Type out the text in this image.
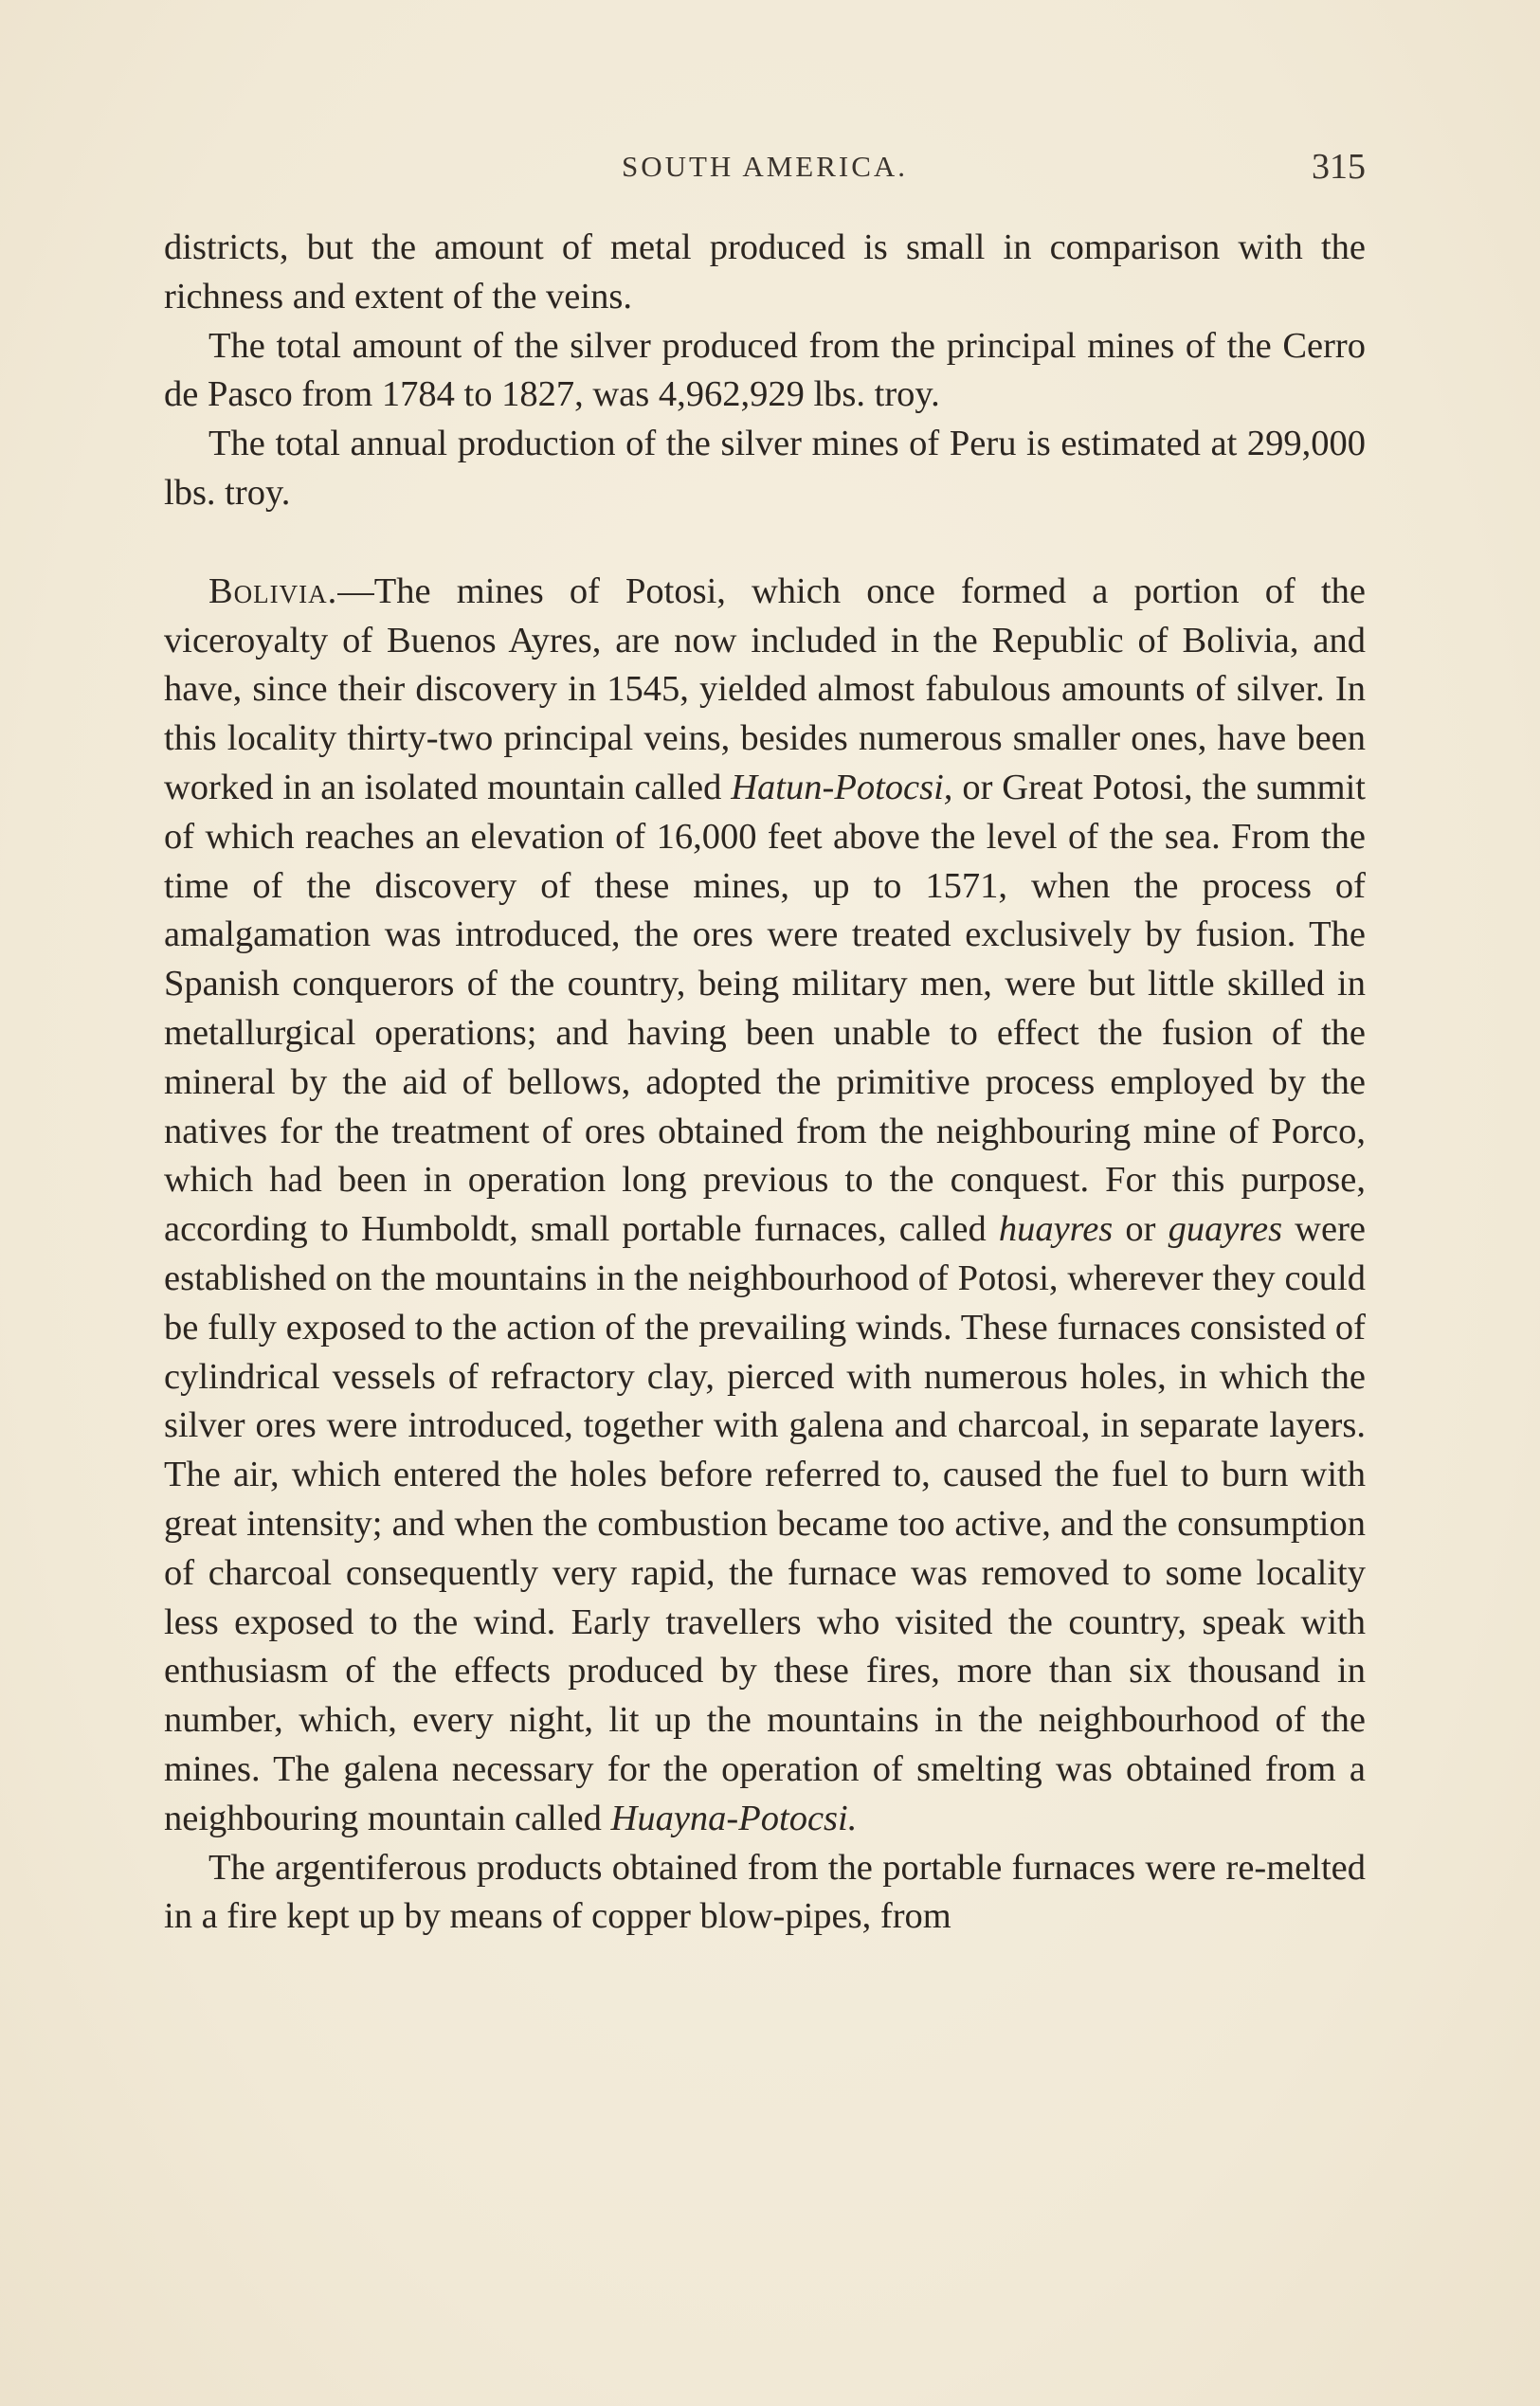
SOUTH AMERICA.	315

districts, but the amount of metal produced is small in comparison with the richness and extent of the veins.

The total amount of the silver produced from the principal mines of the Cerro de Pasco from 1784 to 1827, was 4,962,929 lbs. troy.

The total annual production of the silver mines of Peru is estimated at 299,000 lbs. troy.

Bolivia.—The mines of Potosi, which once formed a portion of the viceroyalty of Buenos Ayres, are now included in the Republic of Bolivia, and have, since their discovery in 1545, yielded almost fabulous amounts of silver. In this locality thirty-two principal veins, besides numerous smaller ones, have been worked in an isolated mountain called Hatun-Potocsi, or Great Potosi, the summit of which reaches an elevation of 16,000 feet above the level of the sea. From the time of the discovery of these mines, up to 1571, when the process of amalgamation was introduced, the ores were treated exclusively by fusion. The Spanish conquerors of the country, being military men, were but little skilled in metallurgical operations; and having been unable to effect the fusion of the mineral by the aid of bellows, adopted the primitive process employed by the natives for the treatment of ores obtained from the neighbouring mine of Porco, which had been in operation long previous to the conquest. For this purpose, according to Humboldt, small portable furnaces, called huayres or guayres were established on the mountains in the neighbourhood of Potosi, wherever they could be fully exposed to the action of the prevailing winds. These furnaces consisted of cylindrical vessels of refractory clay, pierced with numerous holes, in which the silver ores were introduced, together with galena and charcoal, in separate layers. The air, which entered the holes before referred to, caused the fuel to burn with great intensity; and when the combustion became too active, and the consumption of charcoal consequently very rapid, the furnace was removed to some locality less exposed to the wind. Early travellers who visited the country, speak with enthusiasm of the effects produced by these fires, more than six thousand in number, which, every night, lit up the mountains in the neighbourhood of the mines. The galena necessary for the operation of smelting was obtained from a neighbouring mountain called Huayna-Potocsi.

The argentiferous products obtained from the portable furnaces were re-melted in a fire kept up by means of copper blow-pipes, from
